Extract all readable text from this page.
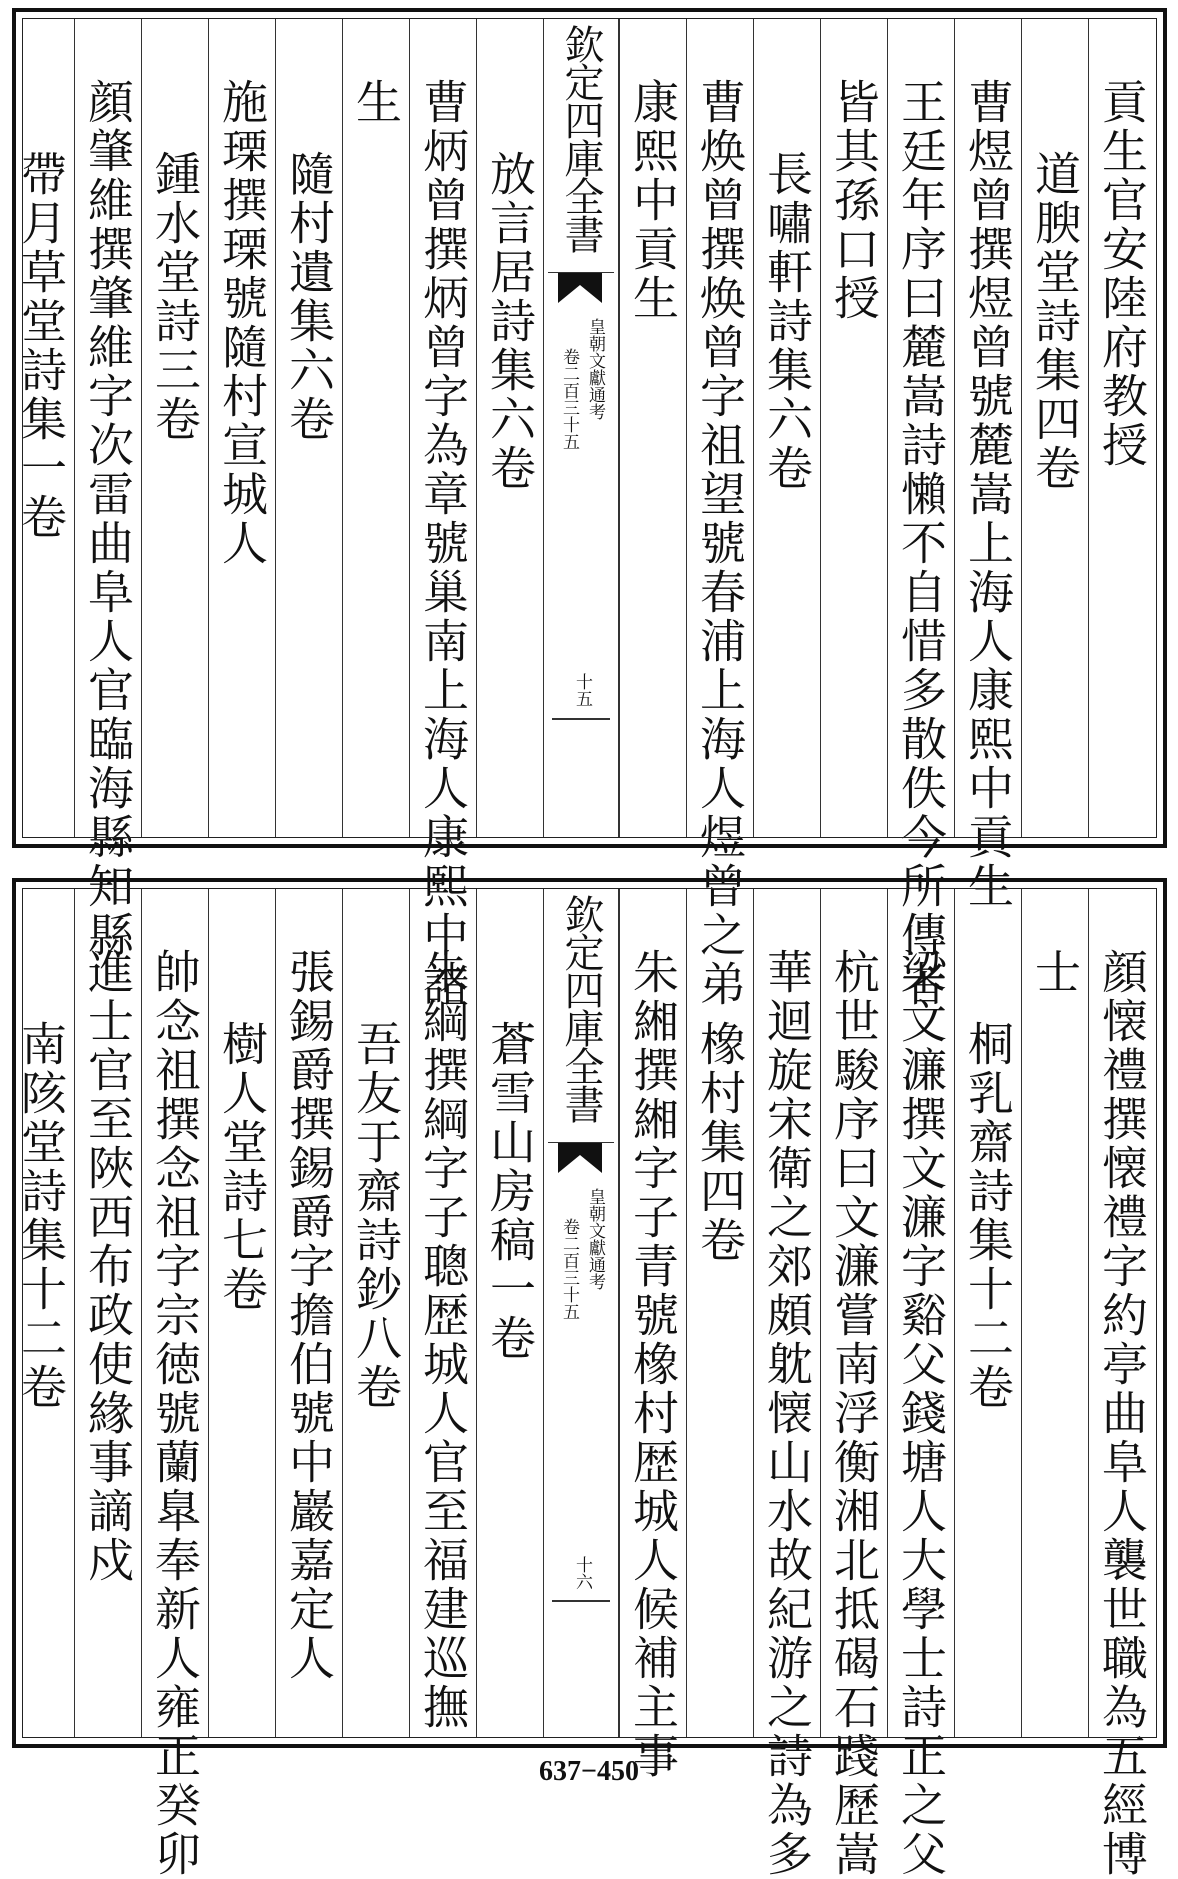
貢生官安陸府教授
道腴堂詩集四卷
曹煜曾撰煜曾號麓嵩上海人康熙中貢生
王廷年序曰麓嵩詩懶不自惜多散佚今所傳者
皆其孫口授
長嘯軒詩集六卷
曹焕曾撰焕曾字祖望號春浦上海人煜曾之弟
康熙中貢生
欽定四庫全書
皇朝文獻通考
卷二百三十五
十五
放言居詩集六卷
曹炳曾撰炳曾字為章號巢南上海人康熙中諸
生
隨村遺集六卷
施瑮撰瑮號隨村宣城人
鍾水堂詩三卷
顔肇維撰肇維字次雷曲阜人官臨海縣知縣
帶月草堂詩集一卷
顔懐禮撰懐禮字約亭曲阜人襲世職為五經博
士
桐乳齋詩集十二卷
梁文濂撰文濂字谿父錢塘人大學士詩正之父
杭世駿序曰文濂嘗南浮衡湘北抵碣石踐歷嵩
華迴旋宋衛之郊頗躭懐山水故紀游之詩為多
橡村集四卷
朱緗撰緗字子青號橡村歴城人候補主事
欽定四庫全書
皇朝文獻通考
卷二百三十五
十六
蒼雪山房稿一卷
朱綱撰綱字子聰歴城人官至福建巡撫
吾友于齋詩鈔八卷
張錫爵撰錫爵字擔伯號中巖嘉定人
樹人堂詩七卷
帥念祖撰念祖字宗徳號蘭臯奉新人雍正癸卯
進士官至陜西布政使緣事謫戍
南陔堂詩集十二卷
637−450
